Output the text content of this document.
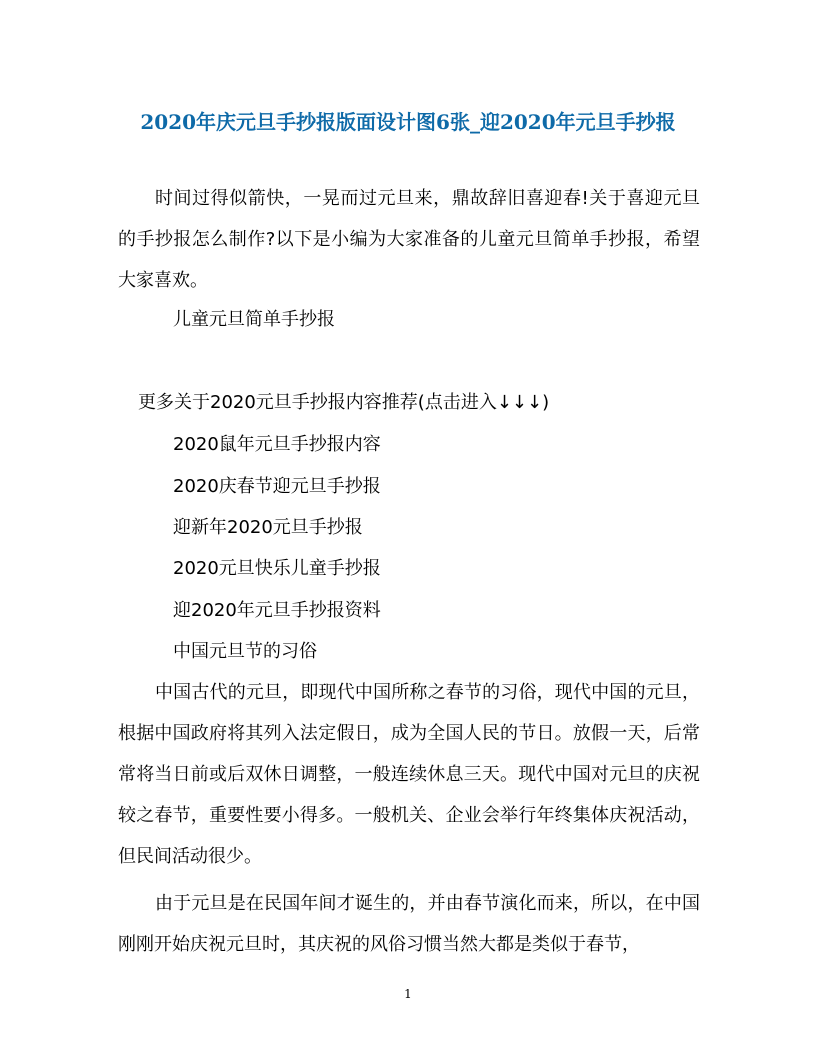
2020年庆元旦手抄报版面设计图6张_迎2020年元旦手抄报
时间过得似箭快，一晃而过元旦来，鼎故辞旧喜迎春!关于喜迎元旦的手抄报怎么制作?以下是小编为大家准备的儿童元旦简单手抄报，希望大家喜欢。
儿童元旦简单手抄报
更多关于2020元旦手抄报内容推荐(点击进入↓↓↓)
2020鼠年元旦手抄报内容
2020庆春节迎元旦手抄报
迎新年2020元旦手抄报
2020元旦快乐儿童手抄报
迎2020年元旦手抄报资料
中国元旦节的习俗
中国古代的元旦，即现代中国所称之春节的习俗，现代中国的元旦，根据中国政府将其列入法定假日，成为全国人民的节日。放假一天，后常常将当日前或后双休日调整，一般连续休息三天。现代中国对元旦的庆祝较之春节，重要性要小得多。一般机关、企业会举行年终集体庆祝活动，但民间活动很少。
由于元旦是在民国年间才诞生的，并由春节演化而来，所以，在中国刚刚开始庆祝元旦时，其庆祝的风俗习惯当然大都是类似于春节，
1
